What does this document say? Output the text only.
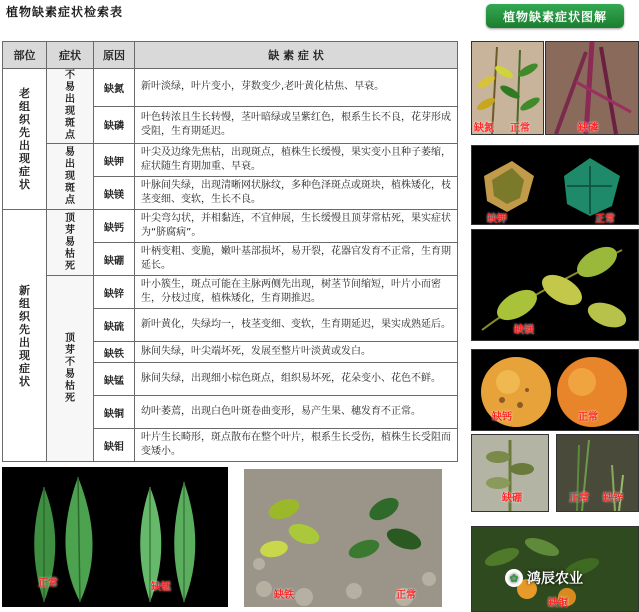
植物缺素症状检索表	植物缺素症状图解
部位	症状	原因	缺 素 症 状
老组织先出现症状	不易出现斑点	缺氮	新叶淡绿，叶片变小，芽数变少,老叶黄化枯焦、早衰。
		缺磷	叶色转浓且生长转慢，茎叶暗绿或呈紫红色，根系生长不良，花芽形成受阻，生育期延迟。
	易出现斑点	缺钾	叶尖及边缘先焦枯，出现斑点，植株生长缓慢，果实变小且种子萎缩，症状随生育期加重、早衰。
		缺镁	叶脉间失绿，出现清晰网状脉纹，多种色泽斑点或斑块，植株矮化，枝茎变细、变软，生长不良。
新组织先出现症状	顶芽易枯死	缺钙	叶尖弯勾状，并相黏连，不宜伸展，生长缓慢且顶芽常枯死，果实症状为“脐腐病”。
		缺硼	叶柄变粗、变脆，嫩叶基部损坏，易开裂，花器官发育不正常，生育期延长。
	顶芽不易枯死	缺锌	叶小簇生，斑点可能在主脉两侧先出现，树茎节间缩短，叶片小而密生，分枝过度，植株矮化，生育期推迟。
		缺硫	新叶黄化，失绿均一，枝茎变细、变软，生育期延迟，果实成熟延后。
		缺铁	脉间失绿，叶尖端坏死，发展至整片叶淡黄或发白。
		缺锰	脉间失绿，出现细小棕色斑点，组织易坏死，花朵变小、花色不鲜。
		缺铜	幼叶萎蔫，出现白色叶斑卷曲变形，易产生果、穗发育不正常。
		缺钼	叶片生长畸形，斑点散布在整个叶片，根系生长受伤，植株生长受阻而变矮小。
缺氮 正常	缺磷
缺钾	正常
缺镁
缺钙	正常
缺硼	正常 缺锌
缺铜
正常	缺锰
缺铁	正常
✿ 鸿辰农业
